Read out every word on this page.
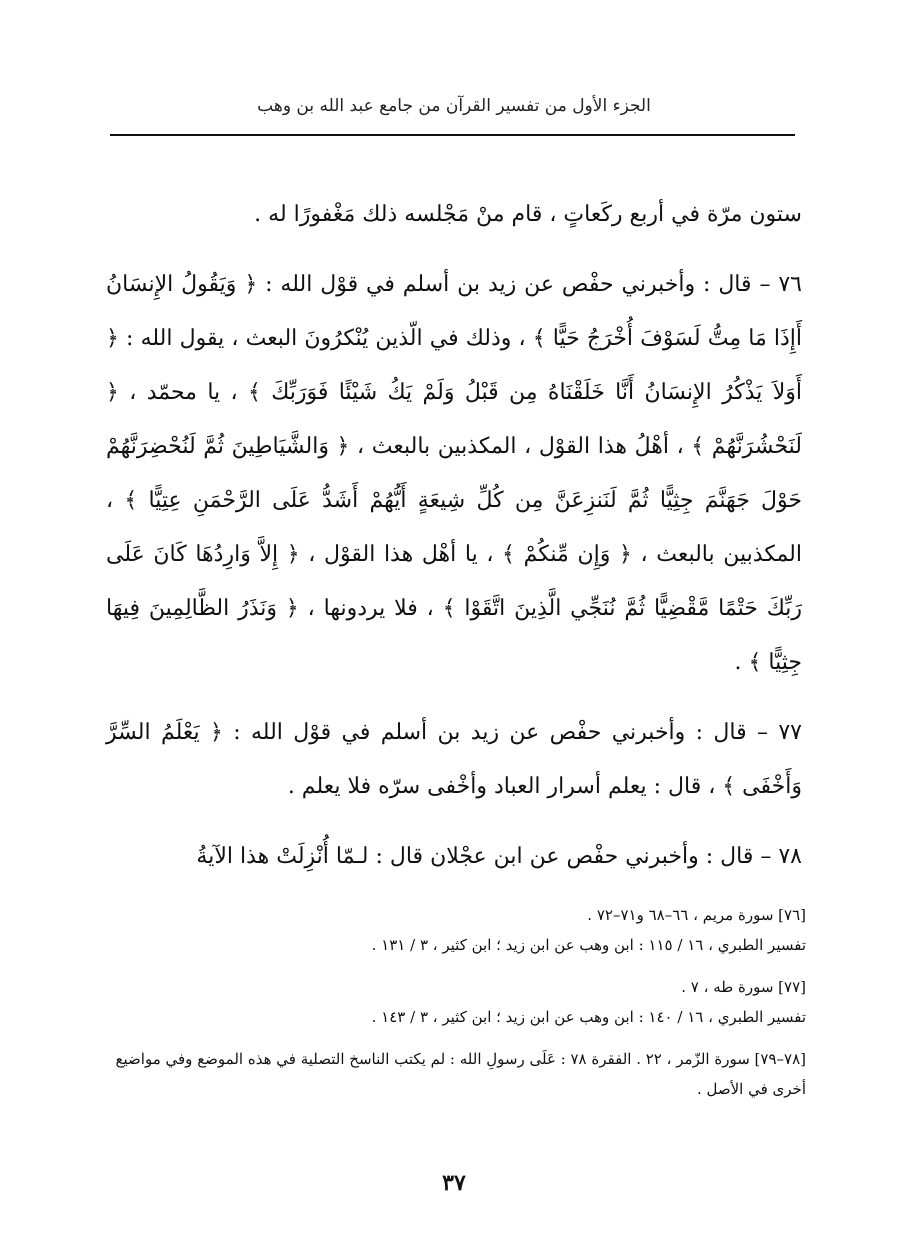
الجزء الأول من تفسير القرآن من جامع عبد الله بن وهب

ستون مرّة في أربع ركَعاتٍ ، قام منْ مَجْلسه ذلك مَغْفورًا له .

٧٦ – قال : وأخبرني حفْص عن زيد بن أسلم في قوْل الله : ﴿ وَيَقُولُ الإِنسَانُ أَإِذَا مَا مِتُّ لَسَوْفَ أُخْرَجُ حَيًّا ﴾ ، وذلك في الّذين يُنْكرُونَ البعث ، يقول الله : ﴿ أَوَلاَ يَذْكُرُ الإِنسَانُ أَنَّا خَلَقْنَاهُ مِن قَبْلُ وَلَمْ يَكُ شَيْئًا فَوَرَبِّكَ ﴾ ، يا محمّد ، ﴿ لَنَحْشُرَنَّهُمْ ﴾ ، أهْلُ هذا القوْل ، المكذبين بالبعث ، ﴿ وَالشَّيَاطِينَ ثُمَّ لَنُحْضِرَنَّهُمْ حَوْلَ جَهَنَّمَ جِثِيًّا ثُمَّ لَنَنزِعَنَّ مِن كُلِّ شِيعَةٍ أَيُّهُمْ أَشَدُّ عَلَى الرَّحْمَنِ عِتِيًّا ﴾ ، المكذبين بالبعث ، ﴿ وَإِن مِّنكُمْ ﴾ ، يا أهْل هذا القوْل ، ﴿ إِلاَّ وَارِدُهَا كَانَ عَلَى رَبِّكَ حَتْمًا مَّقْضِيًّا ثُمَّ نُنَجِّي الَّذِينَ اتَّقَوْا ﴾ ، فلا يردونها ، ﴿ وَنَذَرُ الظَّالِمِينَ فِيهَا جِثِيًّا ﴾ .

٧٧ – قال : وأخبرني حفْص عن زيد بن أسلم في قوْل الله : ﴿ يَعْلَمُ السِّرَّ وَأَخْفَى ﴾ ، قال : يعلم أسرار العباد وأخْفى سرّه فلا يعلم .

٧٨ – قال : وأخبرني حفْص عن ابن عجْلان قال : لـمّا أُنْزِلَتْ هذا الآيةُ

[٧٦] سورة مريم ، ٦٦–٦٨ و٧١–٧٢ .

تفسير الطبري ، ١٦ / ١١٥ : ابن وهب عن ابن زيد ؛ ابن كثير ، ٣ / ١٣١ .

[٧٧] سورة طه ، ٧ .

تفسير الطبري ، ١٦ / ١٤٠ : ابن وهب عن ابن زيد ؛ ابن كثير ، ٣ / ١٤٣ .

[٧٨–٧٩] سورة الزّمر ، ٢٢ . الفقرة ٧٨ : عَلَى رسولِ الله : لم يكتب الناسخ التصلية في هذه الموضع وفي مواضيع أخرى في الأصل .

٣٧
